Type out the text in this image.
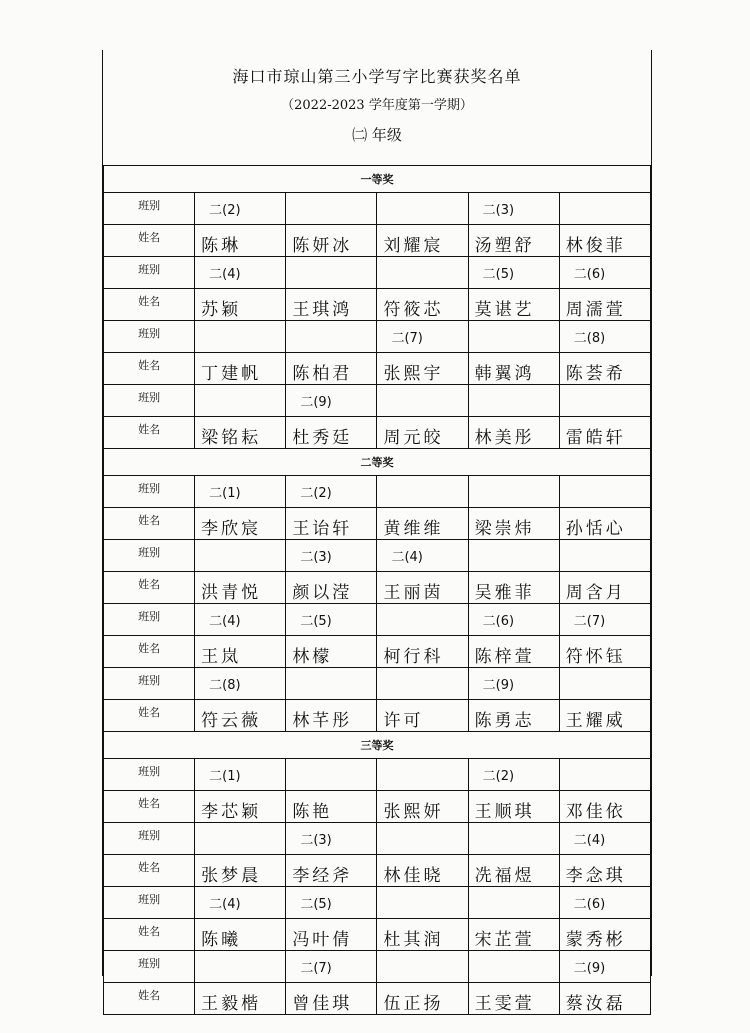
海口市琼山第三小学写字比赛获奖名单
（2022-2023 学年度第一学期）
㈡ 年级
一等奖					
班别	二(2)			二(3)	

姓名	陈琳	陈妍冰	刘耀宸	汤塑舒	林俊菲

班别	二(4)			二(5)	二(6)

姓名	苏颖	王琪鸿	符筱芯	莫谌艺	周濡萱

班别			二(7)		二(8)

姓名	丁建帆	陈柏君	张熙宇	韩翼鸿	陈荟希

班别		二(9)			

姓名	梁铭耘	杜秀廷	周元皎	林美彤	雷皓轩

二等奖					
班别	二(1)	二(2)			

姓名	李欣宸	王诒轩	黄维维	梁崇炜	孙恬心

班别		二(3)	二(4)		

姓名	洪青悦	颜以滢	王丽茵	吴雅菲	周含月

班别	二(4)	二(5)		二(6)	二(7)

姓名	王岚	林檬	柯行科	陈梓萱	符怀钰

班别	二(8)			二(9)	

姓名	符云薇	林芊彤	许可	陈勇志	王耀威

三等奖					
班别	二(1)			二(2)	

姓名	李芯颖	陈艳	张熙妍	王顺琪	邓佳依

班别		二(3)			二(4)

姓名	张梦晨	李经斧	林佳晓	冼福煜	李念琪

班别	二(4)	二(5)			二(6)

姓名	陈曦	冯叶倩	杜其润	宋芷萱	蒙秀彬

班别		二(7)			二(9)

姓名	王毅楷	曾佳琪	伍正扬	王雯萱	蔡汝磊
